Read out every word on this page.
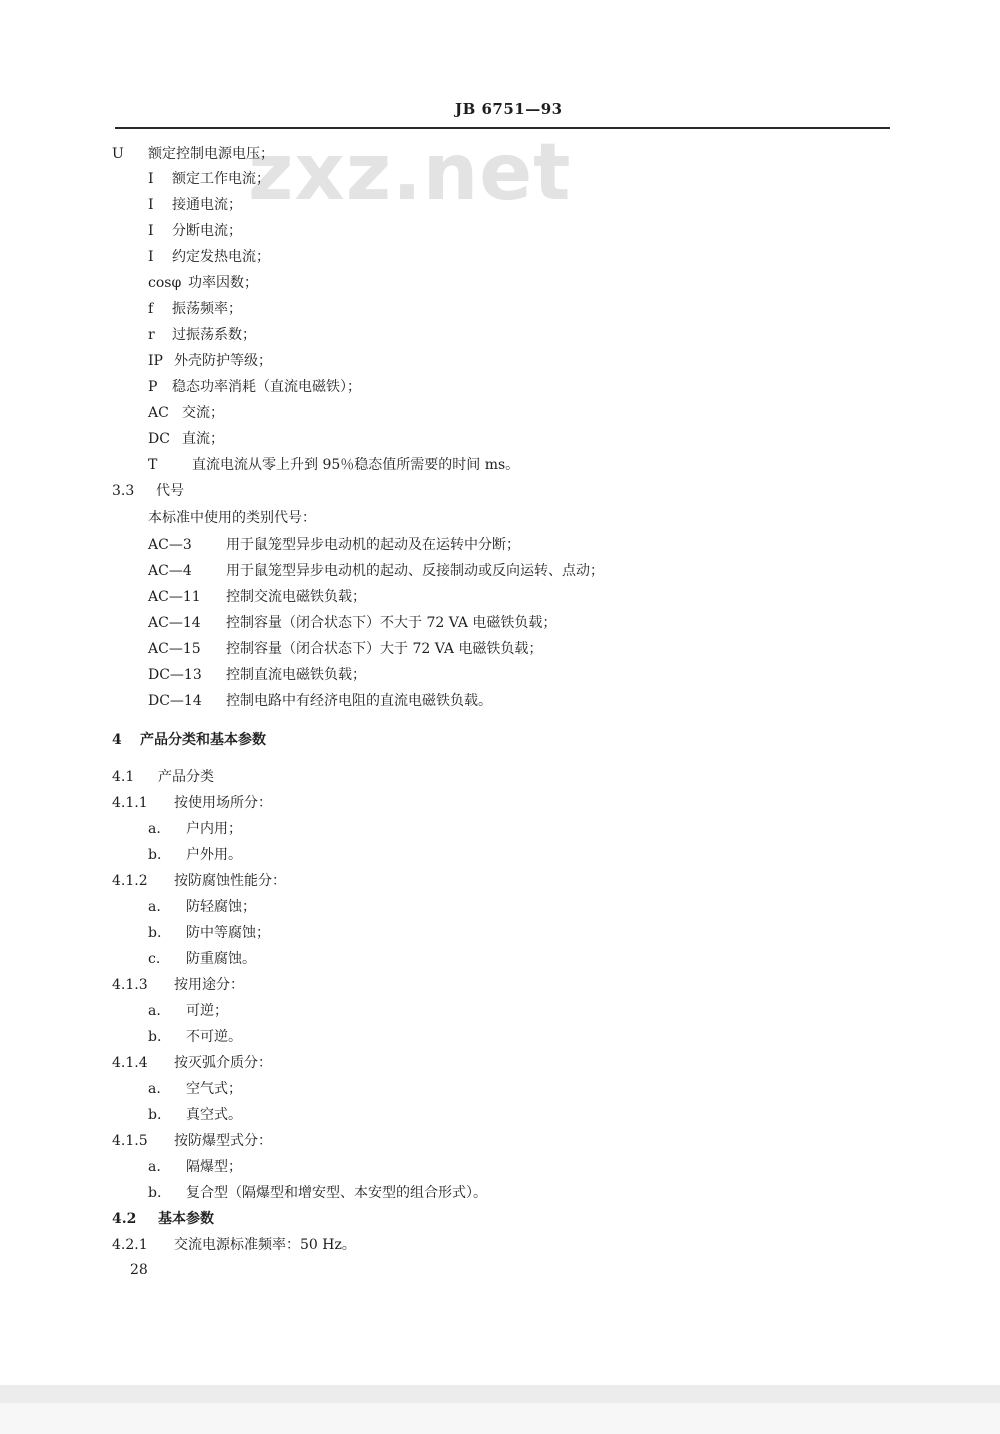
zxz.net
JB 6751—93
U 额定控制电源电压；
I 额定工作电流；
I 接通电流；
I 分断电流；
I 约定发热电流；
cosφ 功率因数；
f 振荡频率；
r 过振荡系数；
IP 外壳防护等级；
P 稳态功率消耗（直流电磁铁）；
AC 交流；
DC 直流；
T 直流电流从零上升到 95％稳态值所需要的时间 ms。
3.3 代号
本标准中使用的类别代号：
AC—3 用于鼠笼型异步电动机的起动及在运转中分断；
AC—4 用于鼠笼型异步电动机的起动、反接制动或反向运转、点动；
AC—11 控制交流电磁铁负载；
AC—14 控制容量（闭合状态下）不大于 72 VA 电磁铁负载；
AC—15 控制容量（闭合状态下）大于 72 VA 电磁铁负载；
DC—13 控制直流电磁铁负载；
DC—14 控制电路中有经济电阻的直流电磁铁负载。
4 产品分类和基本参数
4.1 产品分类
4.1.1 按使用场所分：
a. 户内用；
b. 户外用。
4.1.2 按防腐蚀性能分：
a. 防轻腐蚀；
b. 防中等腐蚀；
c. 防重腐蚀。
4.1.3 按用途分：
a. 可逆；
b. 不可逆。
4.1.4 按灭弧介质分：
a. 空气式；
b. 真空式。
4.1.5 按防爆型式分：
a. 隔爆型；
b. 复合型（隔爆型和增安型、本安型的组合形式）。
4.2 基本参数
4.2.1 交流电源标准频率：50 Hz。
28
